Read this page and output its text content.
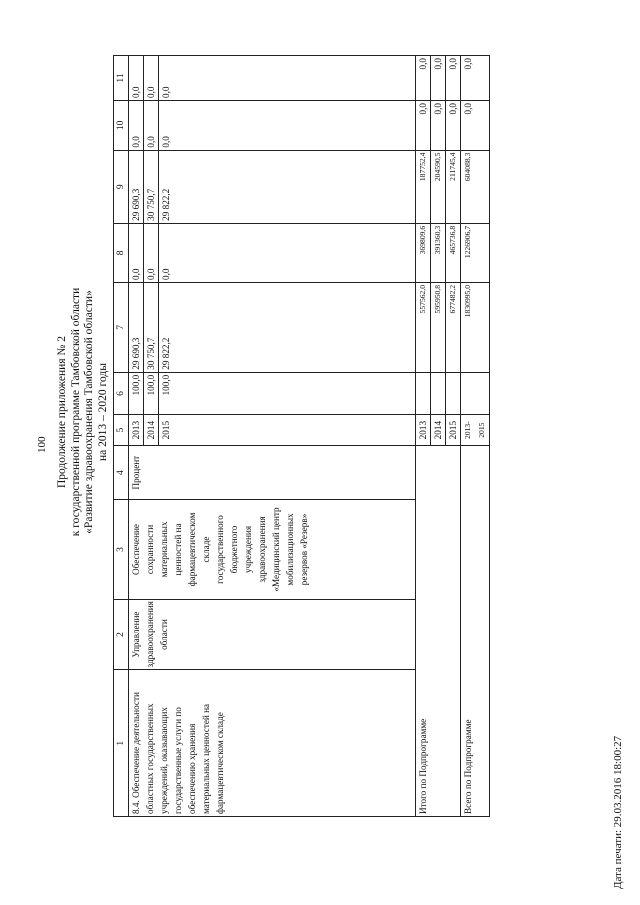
100 Продолжение приложения № 2 к государственной программе Тамбовской области «Развитие здравоохранения Тамбовской области» на 2013 – 2020 годы
1	2	3	4	5	6	7	8	9	10	11
8.4. Обеспечение деятельности областных государственных учреждений, оказывающих государственные услуги по обеспечению хранения материальных ценностей на фармацевтическом складе	Управление здравоохранения области	Обеспечение сохранности материальных ценностей на фармацевтическом складе государственного бюджетного учреждения здравоохранения «Медицинский центр мобилизационных резервов «Резерв»	Процент	2013	100,0	29 690,3	0,0	29 690,3	0,0	0,0
				2014	100,0	30 750,7	0,0	30 750,7	0,0	0,0
				2015	100,0	29 822,2	0,0	29 822,2	0,0	0,0

Итого по Подпрограмме				2013		557562,0	369809,6	187752,4	0,0	0,0
				2014		595950,8	391360,3	204590,5	0,0	0,0
				2015		677482,2	465736,8	211745,4	0,0	0,0
Всего по Подпрограмме				2013-2015		1830995,0	1226906,7	604088,3	0,0	0,0
Дата печати: 29.03.2016 18:00:27
